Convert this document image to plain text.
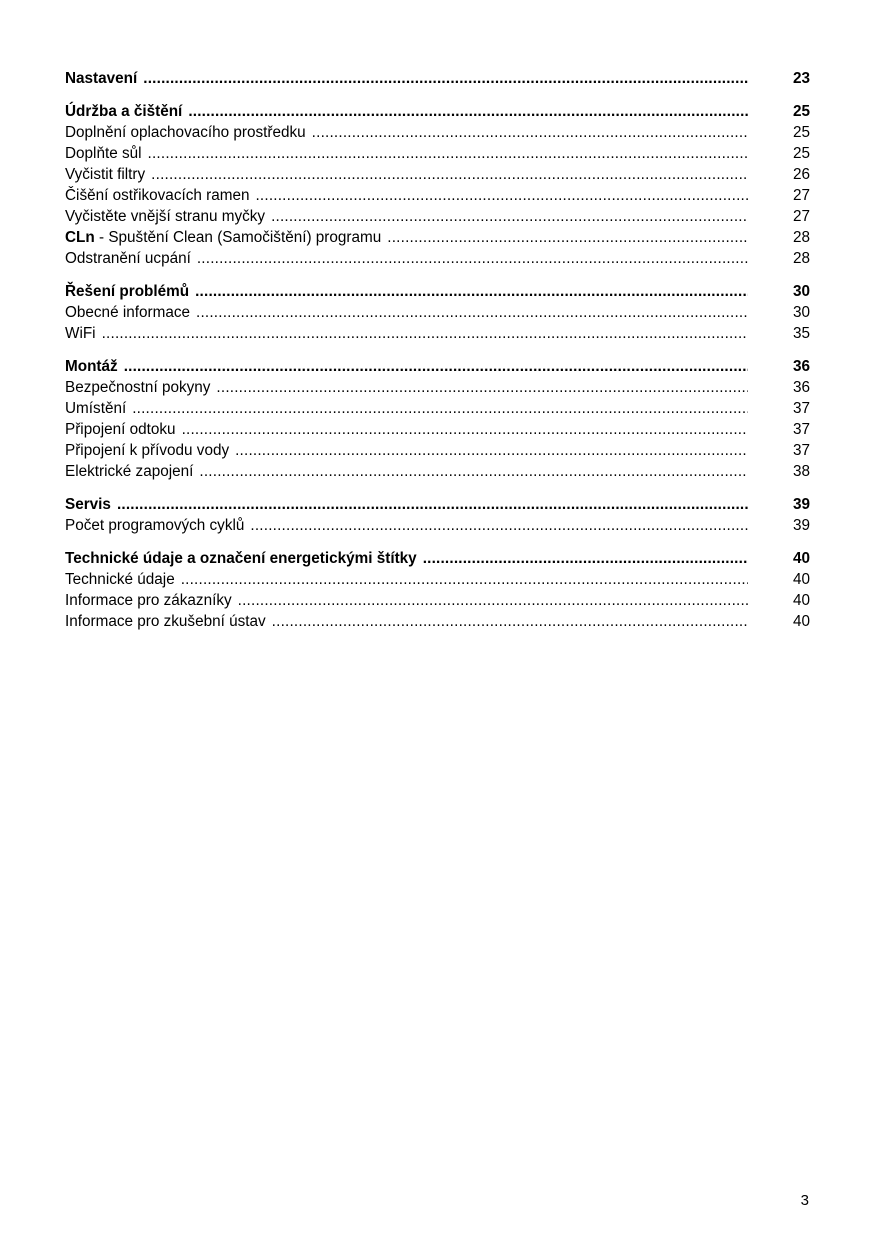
Nastavení .....	23
Údržba a čištění .....	25
Doplnění oplachovacího prostředku .....	25
Doplňte sůl .....	25
Vyčistit filtry .....	26
Čišění ostřikovacích ramen .....	27
Vyčistěte vnější stranu myčky .....	27
CLn - Spuštění Clean (Samočištění) programu .....	28
Odstranění ucpání .....	28
Řešení problémů .....	30
Obecné informace .....	30
WiFi .....	35
Montáž .....	36
Bezpečnostní pokyny .....	36
Umístění .....	37
Připojení odtoku .....	37
Připojení k přívodu vody .....	37
Elektrické zapojení .....	38
Servis .....	39
Počet programových cyklů .....	39
Technické údaje a označení energetickými štítky .....	40
Technické údaje .....	40
Informace pro zákazníky .....	40
Informace pro zkušební ústav .....	40
3
